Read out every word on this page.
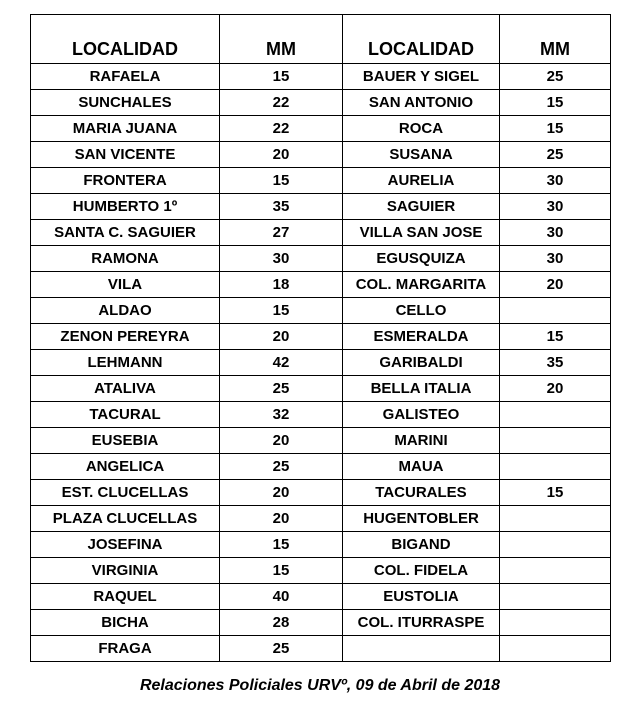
LOCALIDAD	MM	LOCALIDAD	MM
RAFAELA	15	BAUER Y SIGEL	25
SUNCHALES	22	SAN ANTONIO	15
MARIA JUANA	22	ROCA	15
SAN VICENTE	20	SUSANA	25
FRONTERA	15	AURELIA	30
HUMBERTO 1º	35	SAGUIER	30
SANTA C. SAGUIER	27	VILLA SAN JOSE	30
RAMONA	30	EGUSQUIZA	30
VILA	18	COL. MARGARITA	20
ALDAO	15	CELLO	
ZENON PEREYRA	20	ESMERALDA	15
LEHMANN	42	GARIBALDI	35
ATALIVA	25	BELLA ITALIA	20
TACURAL	32	GALISTEO	
EUSEBIA	20	MARINI	
ANGELICA	25	MAUA	
EST. CLUCELLAS	20	TACURALES	15
PLAZA CLUCELLAS	20	HUGENTOBLER	
JOSEFINA	15	BIGAND	
VIRGINIA	15	COL. FIDELA	
RAQUEL	40	EUSTOLIA	
BICHA	28	COL. ITURRASPE	
FRAGA	25		
Relaciones Policiales URVº, 09 de Abril de 2018
